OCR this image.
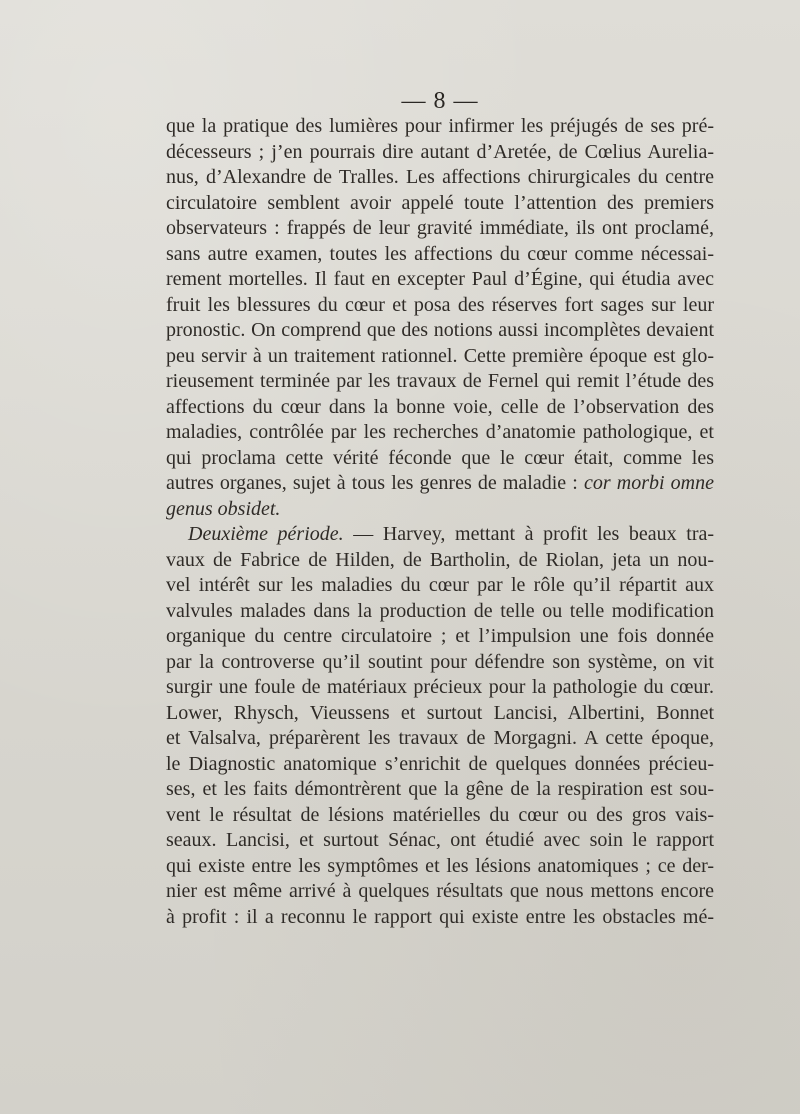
— 8 —
que la pratique des lumières pour infirmer les préjugés de ses pré-
décesseurs ; j’en pourrais dire autant d’Aretée, de Cœlius Aureliа-
nus, d’Alexandre de Tralles. Les affections chirurgicales du centre
circulatoire semblent avoir appelé toute l’attention des premiers
observateurs : frappés de leur gravité immédiate, ils ont proclamé,
sans autre examen, toutes les affections du cœur comme nécessai-
rement mortelles. Il faut en excepter Paul d’Égine, qui étudia avec
fruit les blessures du cœur et posa des réserves fort sages sur leur
pronostic. On comprend que des notions aussi incomplètes devaient
peu servir à un traitement rationnel. Cette première époque est glo-
rieusement terminée par les travaux de Fernel qui remit l’étude des
affections du cœur dans la bonne voie, celle de l’observation des
maladies, contrôlée par les recherches d’anatomie pathologique, et
qui proclama cette vérité féconde que le cœur était, comme les
autres organes, sujet à tous les genres de maladie : cor morbi omne
genus obsidet.
Deuxième période. — Harvey, mettant à profit les beaux tra-
vaux de Fabrice de Hilden, de Bartholin, de Riolan, jeta un nou-
vel intérêt sur les maladies du cœur par le rôle qu’il répartit aux
valvules malades dans la production de telle ou telle modification
organique du centre circulatoire ; et l’impulsion une fois donnée
par la controverse qu’il soutint pour défendre son système, on vit
surgir une foule de matériaux précieux pour la pathologie du cœur.
Lower, Rhysch, Vieussens et surtout Lancisi, Albertini, Bonnet
et Valsalva, préparèrent les travaux de Morgagni. A cette époque,
le Diagnostic anatomique s’enrichit de quelques données précieu-
ses, et les faits démontrèrent que la gêne de la respiration est sou-
vent le résultat de lésions matérielles du cœur ou des gros vais-
seaux. Lancisi, et surtout Sénac, ont étudié avec soin le rapport
qui existe entre les symptômes et les lésions anatomiques ; ce der-
nier est même arrivé à quelques résultats que nous mettons encore
à profit : il a reconnu le rapport qui existe entre les obstacles mé-
